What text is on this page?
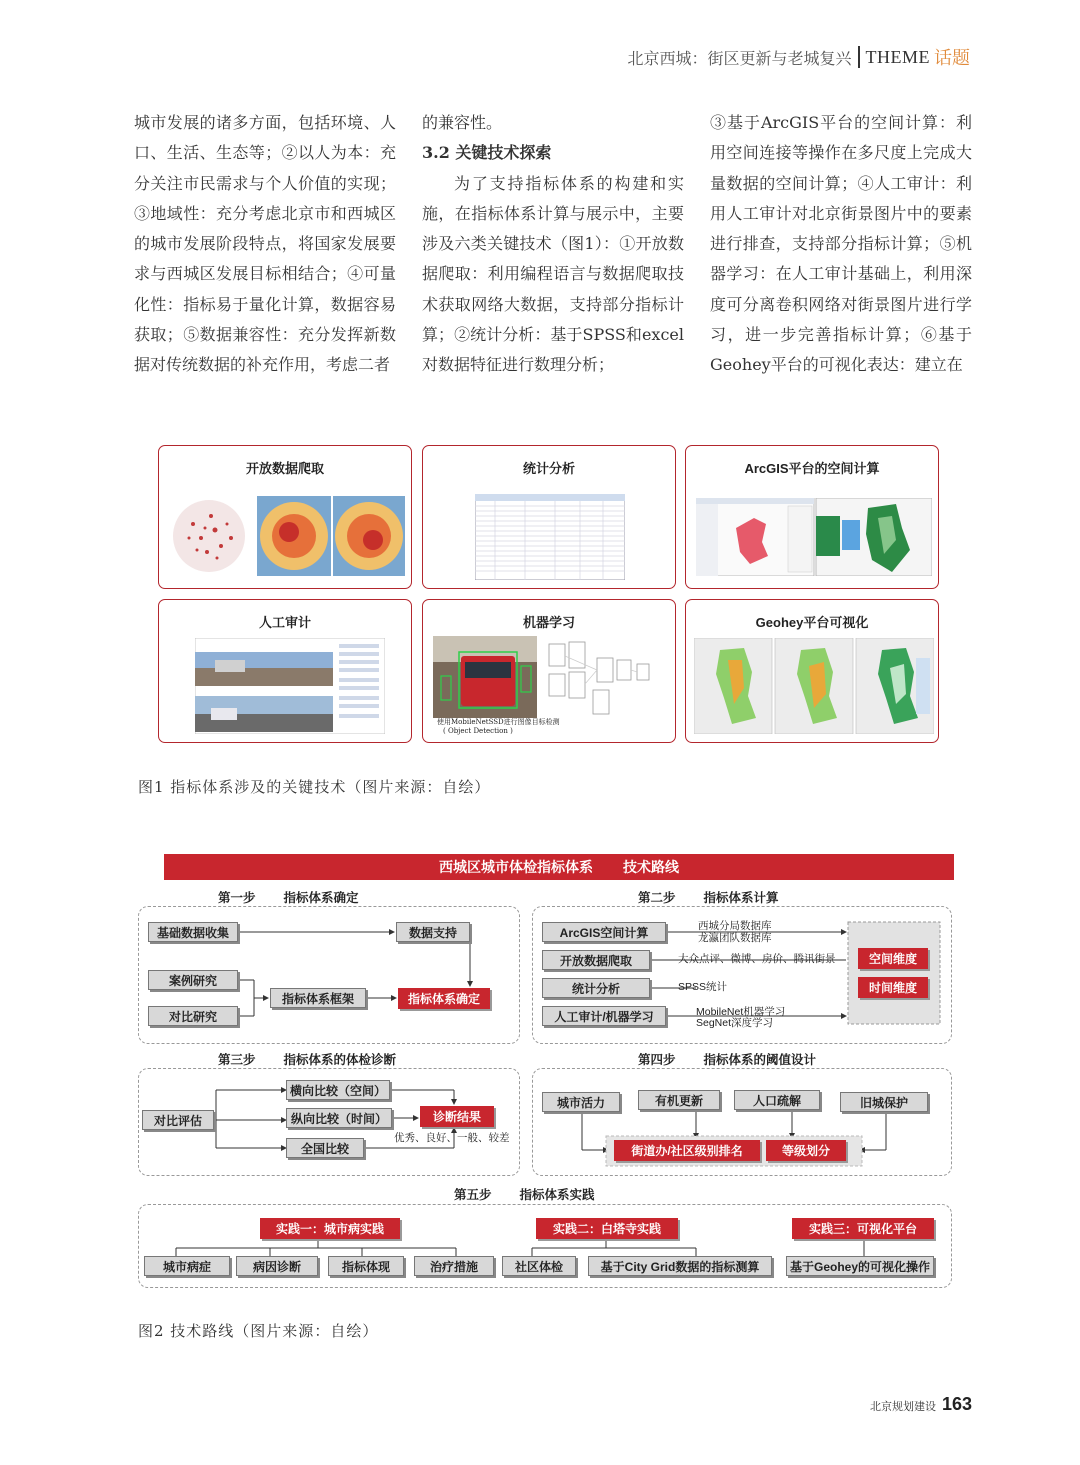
北京西城：街区更新与老城复兴 THEME 话题

城市发展的诸多方面，包括环境、人口、生活、生态等；②以人为本：充分关注市民需求与个人价值的实现；③地域性：充分考虑北京市和西城区的城市发展阶段特点，将国家发展要求与西城区发展目标相结合；④可量化性：指标易于量化计算，数据容易获取；⑤数据兼容性：充分发挥新数据对传统数据的补充作用，考虑二者

的兼容性。

3.2 关键技术探索

为了支持指标体系的构建和实施，在指标体系计算与展示中，主要涉及六类关键技术（图1）：①开放数据爬取：利用编程语言与数据爬取技术获取网络大数据，支持部分指标计算；②统计分析：基于SPSS和excel对数据特征进行数理分析；

③基于ArcGIS平台的空间计算：利用空间连接等操作在多尺度上完成大量数据的空间计算；④人工审计：利用人工审计对北京街景图片中的要素进行排查，支持部分指标计算；⑤机器学习：在人工审计基础上，利用深度可分离卷积网络对街景图片进行学习，进一步完善指标计算；⑥基于Geohey平台的可视化表达：建立在

开放数据爬取	统计分析	ArcGIS平台的空间计算
人工审计	机器学习
使用MobileNetSSD进行图像目标检测
( Object Detection )
Geohey平台可视化
图1 指标体系涉及的关键技术（图片来源：自绘）
西城区城市体检指标体系 技术路线
第一步 指标体系确定	第二步 指标体系计算
第三步 指标体系的体检诊断	第四步 指标体系的阈值设计
第五步 指标体系实践
基础数据收集	数据支持
案例研究
对比研究
指标体系框架	指标体系确定
ArcGIS空间计算
开放数据爬取
统计分析
人工审计/机器学习
西城分局数据库
龙瀛团队数据库
大众点评、微博、房价、腾讯街景
SPSS统计
MobileNet机器学习
SegNet深度学习
空间维度
时间维度
对比评估
横向比较（空间）
纵向比较（时间）
全国比较
诊断结果
优秀、良好、一般、较差
城市活力	有机更新	人口疏解	旧城保护
街道办/社区级别排名	等级划分
实践一：城市病实践	实践二：白塔寺实践	实践三：可视化平台
城市病症	病因诊断	指标体现	治疗措施	社区体检	基于City Grid数据的指标测算	基于Geohey的可视化操作
图2 技术路线（图片来源：自绘）
北京规划建设 163
